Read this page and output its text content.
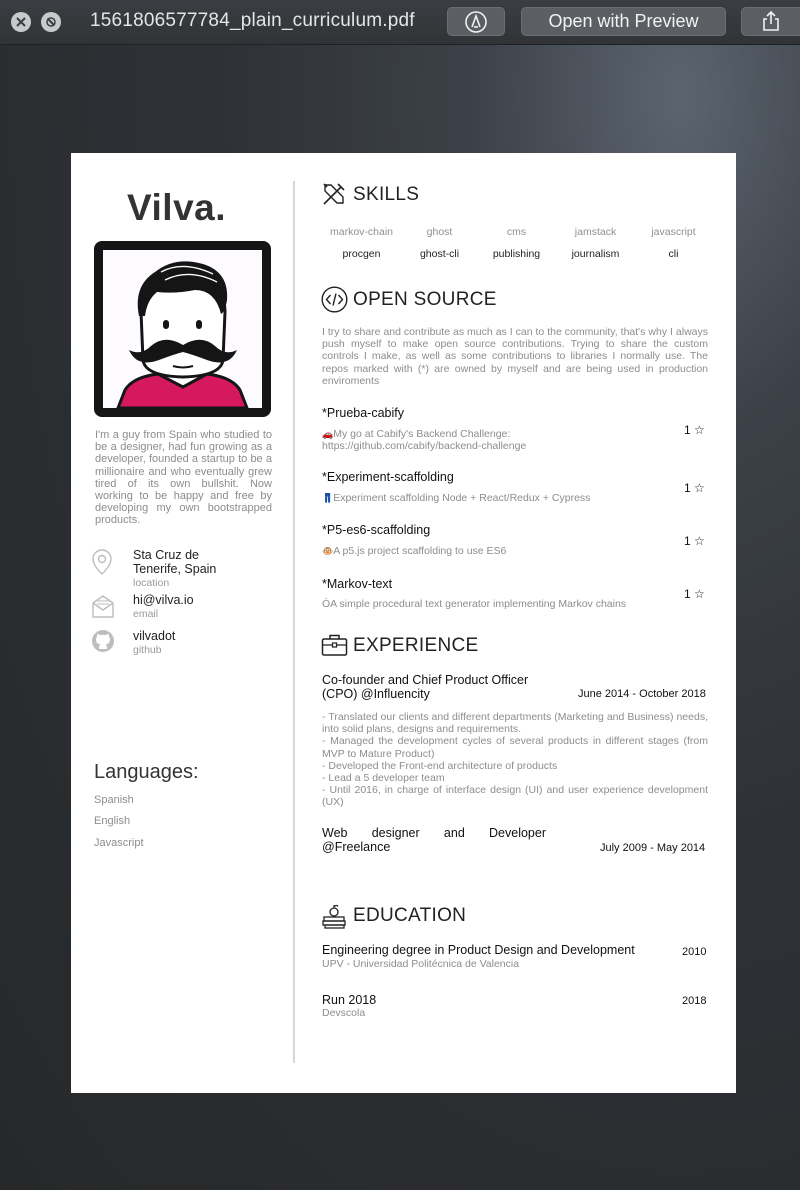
1561806577784_plain_curriculum.pdf	Open with Preview
Vilva.
I'm a guy from Spain who studied to be a designer, had fun growing as a developer, founded a startup to be a millionaire and who eventually grew tired of its own bullshit. Now working to be happy and free by developing my own bootstrapped products.
Sta Cruz de Tenerife, Spain
location
hi@vilva.io
email
vilvadot
github
Languages:
Spanish
English
Javascript
SKILLS
markov-chain	ghost	cms	jamstack	javascript
procgen	ghost-cli	publishing	journalism	cli
OPEN SOURCE
I try to share and contribute as much as I can to the community, that's why I always push myself to make open source contributions. Trying to share the custom controls I make, as well as some contributions to libraries I normally use. The repos marked with (*) are owned by myself and are being used in production enviroments
*Prueba-cabify
🚗My go at Cabify's Backend Challenge: https://github.com/cabify/backend-challenge
1 ☆
*Experiment-scaffolding
👖Experiment scaffolding Node + React/Redux + Cypress
1 ☆
*P5-es6-scaffolding
🐵A p5.js project scaffolding to use ES6
1 ☆
*Markov-text
ÓA simple procedural text generator implementing Markov chains
1 ☆
EXPERIENCE
Co-founder and Chief Product Officer (CPO) @Influencity	June 2014 - October 2018
- Translated our clients and different departments (Marketing and Business) needs, into solid plans, designs and requirements.
- Managed the development cycles of several products in different stages (from MVP to Mature Product)
- Developed the Front-end architecture of products
- Lead a 5 developer team
- Until 2016, in charge of interface design (UI) and user experience development (UX)
Web designer and Developer @Freelance	July 2009 - May 2014
EDUCATION
Engineering degree in Product Design and Development
UPV - Universidad Politécnica de Valencia
2010
Run 2018
Devscola
2018
